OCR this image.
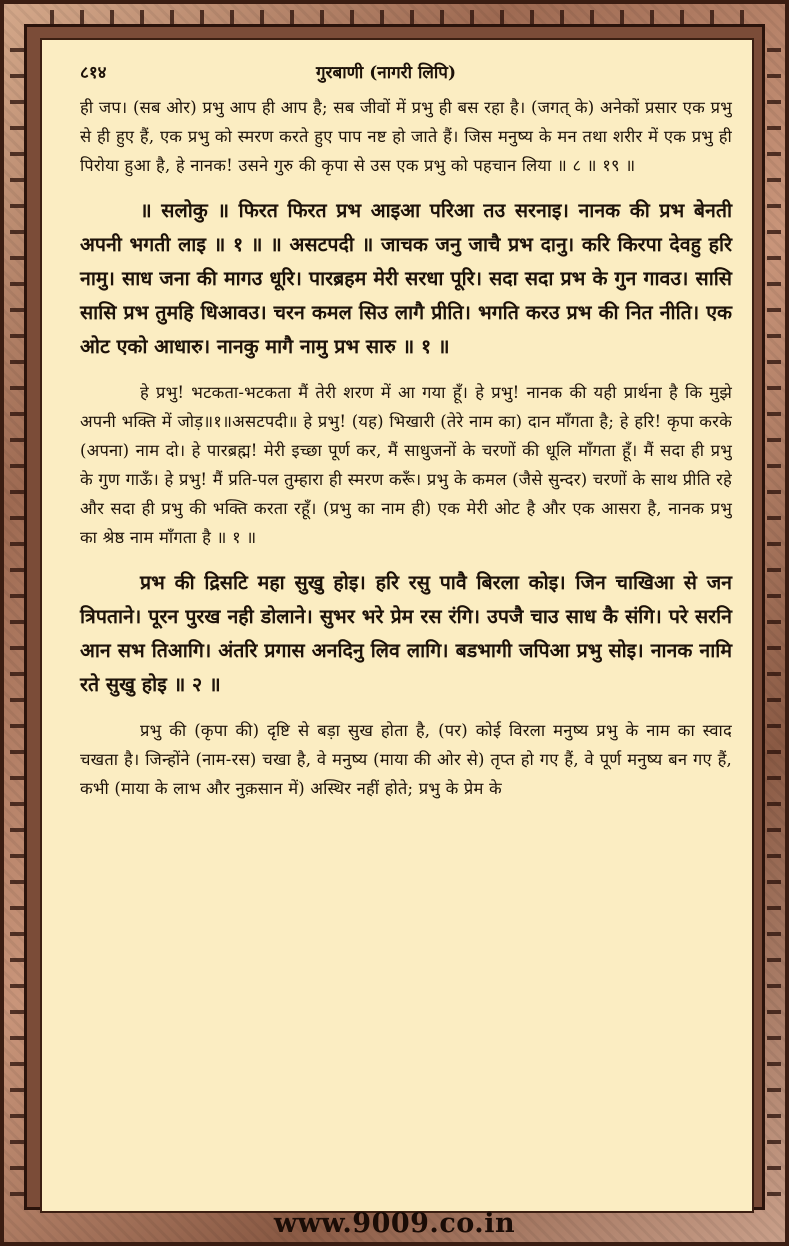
८१४	गुरबाणी (नागरी लिपि)

ही जप। (सब ओर) प्रभु आप ही आप है; सब जीवों में प्रभु ही बस रहा है। (जगत् के) अनेकों प्रसार एक प्रभु से ही हुए हैं, एक प्रभु को स्मरण करते हुए पाप नष्ट हो जाते हैं। जिस मनुष्य के मन तथा शरीर में एक प्रभु ही पिरोया हुआ है, हे नानक! उसने गुरु की कृपा से उस एक प्रभु को पहचान लिया ॥ ८ ॥ १९ ॥

॥ सलोकु ॥ फिरत फिरत प्रभ आइआ परिआ तउ सरनाइ। नानक की प्रभ बेनती अपनी भगती लाइ ॥ १ ॥ ॥ असटपदी ॥ जाचक जनु जाचै प्रभ दानु। करि किरपा देवहु हरि नामु। साध जना की मागउ धूरि। पारब्रहम मेरी सरधा पूरि। सदा सदा प्रभ के गुन गावउ। सासि सासि प्रभ तुमहि धिआवउ। चरन कमल सिउ लागै प्रीति। भगति करउ प्रभ की नित नीति। एक ओट एको आधारु। नानकु मागै नामु प्रभ सारु ॥ १ ॥

हे प्रभु! भटकता-भटकता मैं तेरी शरण में आ गया हूँ। हे प्रभु! नानक की यही प्रार्थना है कि मुझे अपनी भक्ति में जोड़॥१॥असटपदी॥ हे प्रभु! (यह) भिखारी (तेरे नाम का) दान माँगता है; हे हरि! कृपा करके (अपना) नाम दो। हे पारब्रह्म! मेरी इच्छा पूर्ण कर, मैं साधुजनों के चरणों की धूलि माँगता हूँ। मैं सदा ही प्रभु के गुण गाऊँ। हे प्रभु! मैं प्रति-पल तुम्हारा ही स्मरण करूँ। प्रभु के कमल (जैसे सुन्दर) चरणों के साथ प्रीति रहे और सदा ही प्रभु की भक्ति करता रहूँ। (प्रभु का नाम ही) एक मेरी ओट है और एक आसरा है, नानक प्रभु का श्रेष्ठ नाम माँगता है ॥ १ ॥

प्रभ की द्रिसटि महा सुखु होइ। हरि रसु पावै बिरला कोइ। जिन चाखिआ से जन त्रिपताने। पूरन पुरख नही डोलाने। सुभर भरे प्रेम रस रंगि। उपजै चाउ साध कै संगि। परे सरनि आन सभ तिआगि। अंतरि प्रगास अनदिनु लिव लागि। बडभागी जपिआ प्रभु सोइ। नानक नामि रते सुखु होइ ॥ २ ॥

प्रभु की (कृपा की) दृष्टि से बड़ा सुख होता है, (पर) कोई विरला मनुष्य प्रभु के नाम का स्वाद चखता है। जिन्होंने (नाम-रस) चखा है, वे मनुष्य (माया की ओर से) तृप्त हो गए हैं, वे पूर्ण मनुष्य बन गए हैं, कभी (माया के लाभ और नुक़सान में) अस्थिर नहीं होते; प्रभु के प्रेम के

www.9009.co.in
